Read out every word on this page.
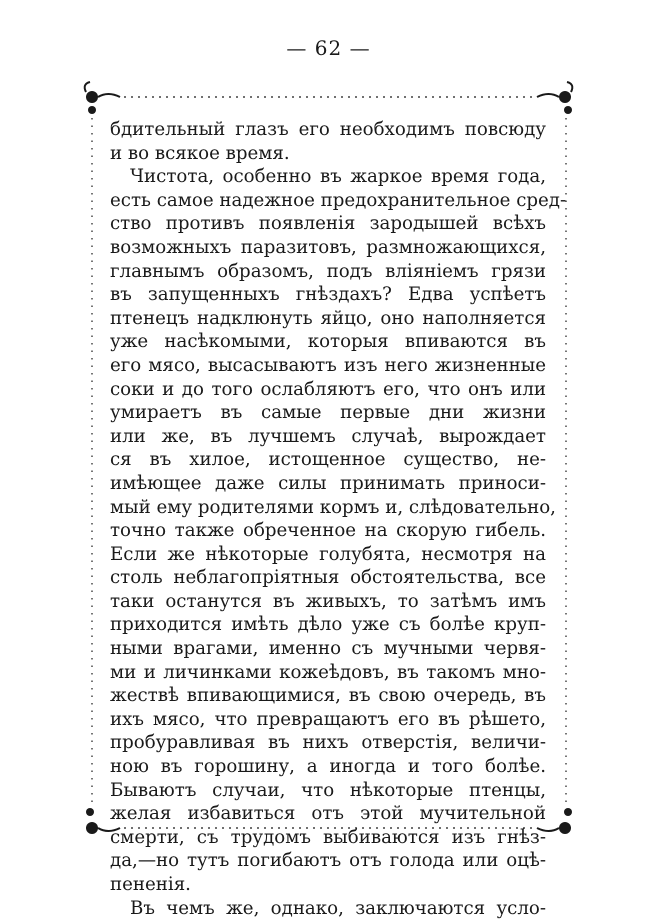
— 62 —
бдительный глазъ его необходимъ повсюду
и во всякое время.
Чистота, особенно въ жаркое время года,
есть самое надежное предохранительное сред-
ство противъ появленія зародышей всѣхъ
возможныхъ паразитовъ, размножающихся,
главнымъ образомъ, подъ вліяніемъ грязи
въ запущенныхъ гнѣздахъ? Едва успѣетъ
птенецъ надклюнуть яйцо, оно наполняется
уже насѣкомыми, которыя впиваются въ
его мясо, высасываютъ изъ него жизненные
соки и до того ослабляютъ его, что онъ или
умираетъ въ самые первые дни жизни
или же, въ лучшемъ случаѣ, вырождает
ся въ хилое, истощенное существо, не-
имѣющее даже силы принимать приноси-
мый ему родителями кормъ и, слѣдовательно,
точно также обреченное на скорую гибель.
Если же нѣкоторые голубята, несмотря на
столь неблагопріятныя обстоятельства, все
таки останутся въ живыхъ, то затѣмъ имъ
приходится имѣть дѣло уже съ болѣе круп-
ными врагами, именно съ мучными червя-
ми и личинками кожеѣдовъ, въ такомъ мно-
жествѣ впивающимися, въ свою очередь, въ
ихъ мясо, что превращаютъ его въ рѣшето,
пробуравливая въ нихъ отверстія, величи-
ною въ горошину, а иногда и того болѣе.
Бываютъ случаи, что нѣкоторые птенцы,
желая избавиться отъ этой мучительной
смерти, съ трудомъ выбиваются изъ гнѣз-
да,—но тутъ погибаютъ отъ голода или оцѣ-
пененія.
Въ чемъ же, однако, заключаются усло-
